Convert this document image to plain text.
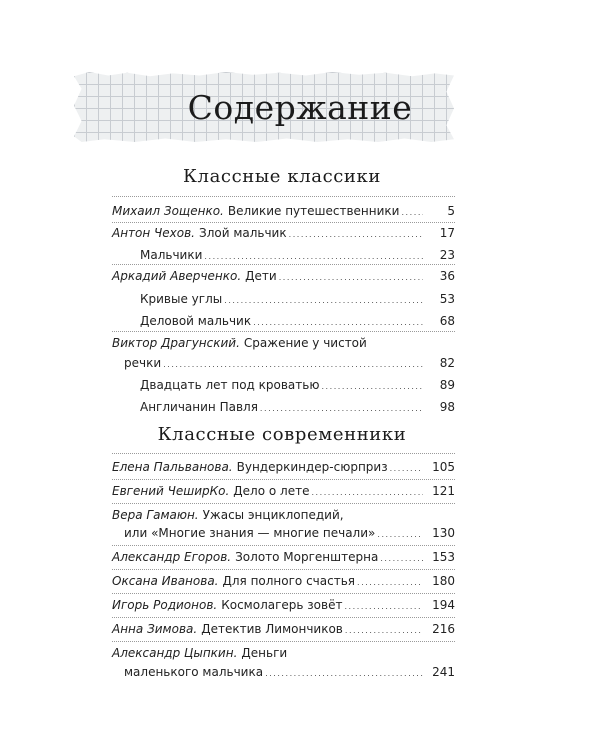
Содержание
Классные классики
Михаил Зощенко. Великие путешественники . . .	5
Антон Чехов. Злой мальчик . . .	17
Мальчики . . .	23
Аркадий Аверченко. Дети . . .	36
Кривые углы . . .	53
Деловой мальчик . . .	68
Виктор Драгунский. Сражение у чистой
речки . . .	82
Двадцать лет под кроватью . . .	89
Англичанин Павля . . .	98
Классные современники
Елена Пальванова. Вундеркиндер-сюрприз . . .	105
Евгений ЧеширКо. Дело о лете . . .	121
Вера Гамаюн. Ужасы энциклопедий,
или «Многие знания — многие печали» . . .	130
Александр Егоров. Золото Моргенштерна . . .	153
Оксана Иванова. Для полного счастья . . .	180
Игорь Родионов. Космолагерь зовёт . . .	194
Анна Зимова. Детектив Лимончиков . . .	216
Александр Цыпкин. Деньги
маленького мальчика . . .	241
